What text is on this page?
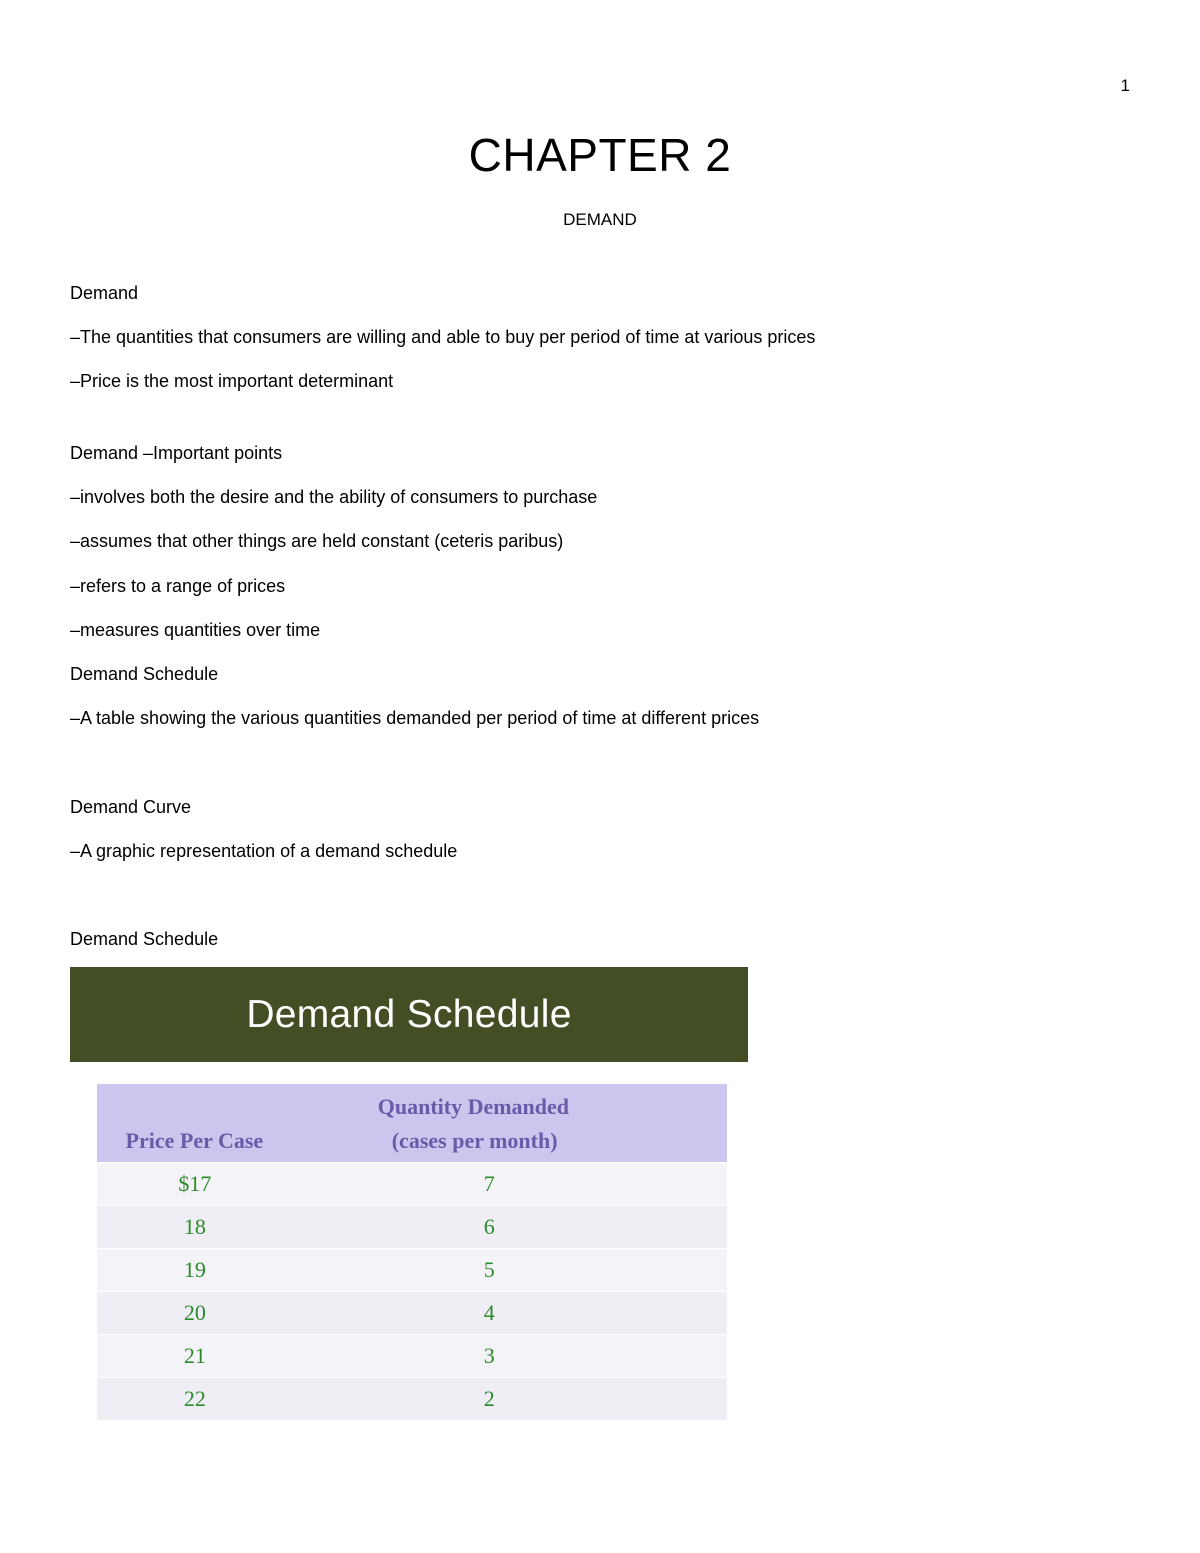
1
CHAPTER 2
DEMAND
Demand
–The quantities that consumers are willing and able to buy per period of time at various prices
–Price is the most important determinant
Demand –Important points
–involves both the desire and the ability of consumers to purchase
–assumes that other things are held constant (ceteris paribus)
–refers to a range of prices
–measures quantities over time
Demand Schedule
–A table showing the various quantities demanded per period of time at different prices
Demand Curve
–A graphic representation of a demand schedule
Demand Schedule
Demand Schedule
Price Per Case	Quantity Demanded
(cases per month)

$17	7
18	6
19	5
20	4
21	3
22	2
